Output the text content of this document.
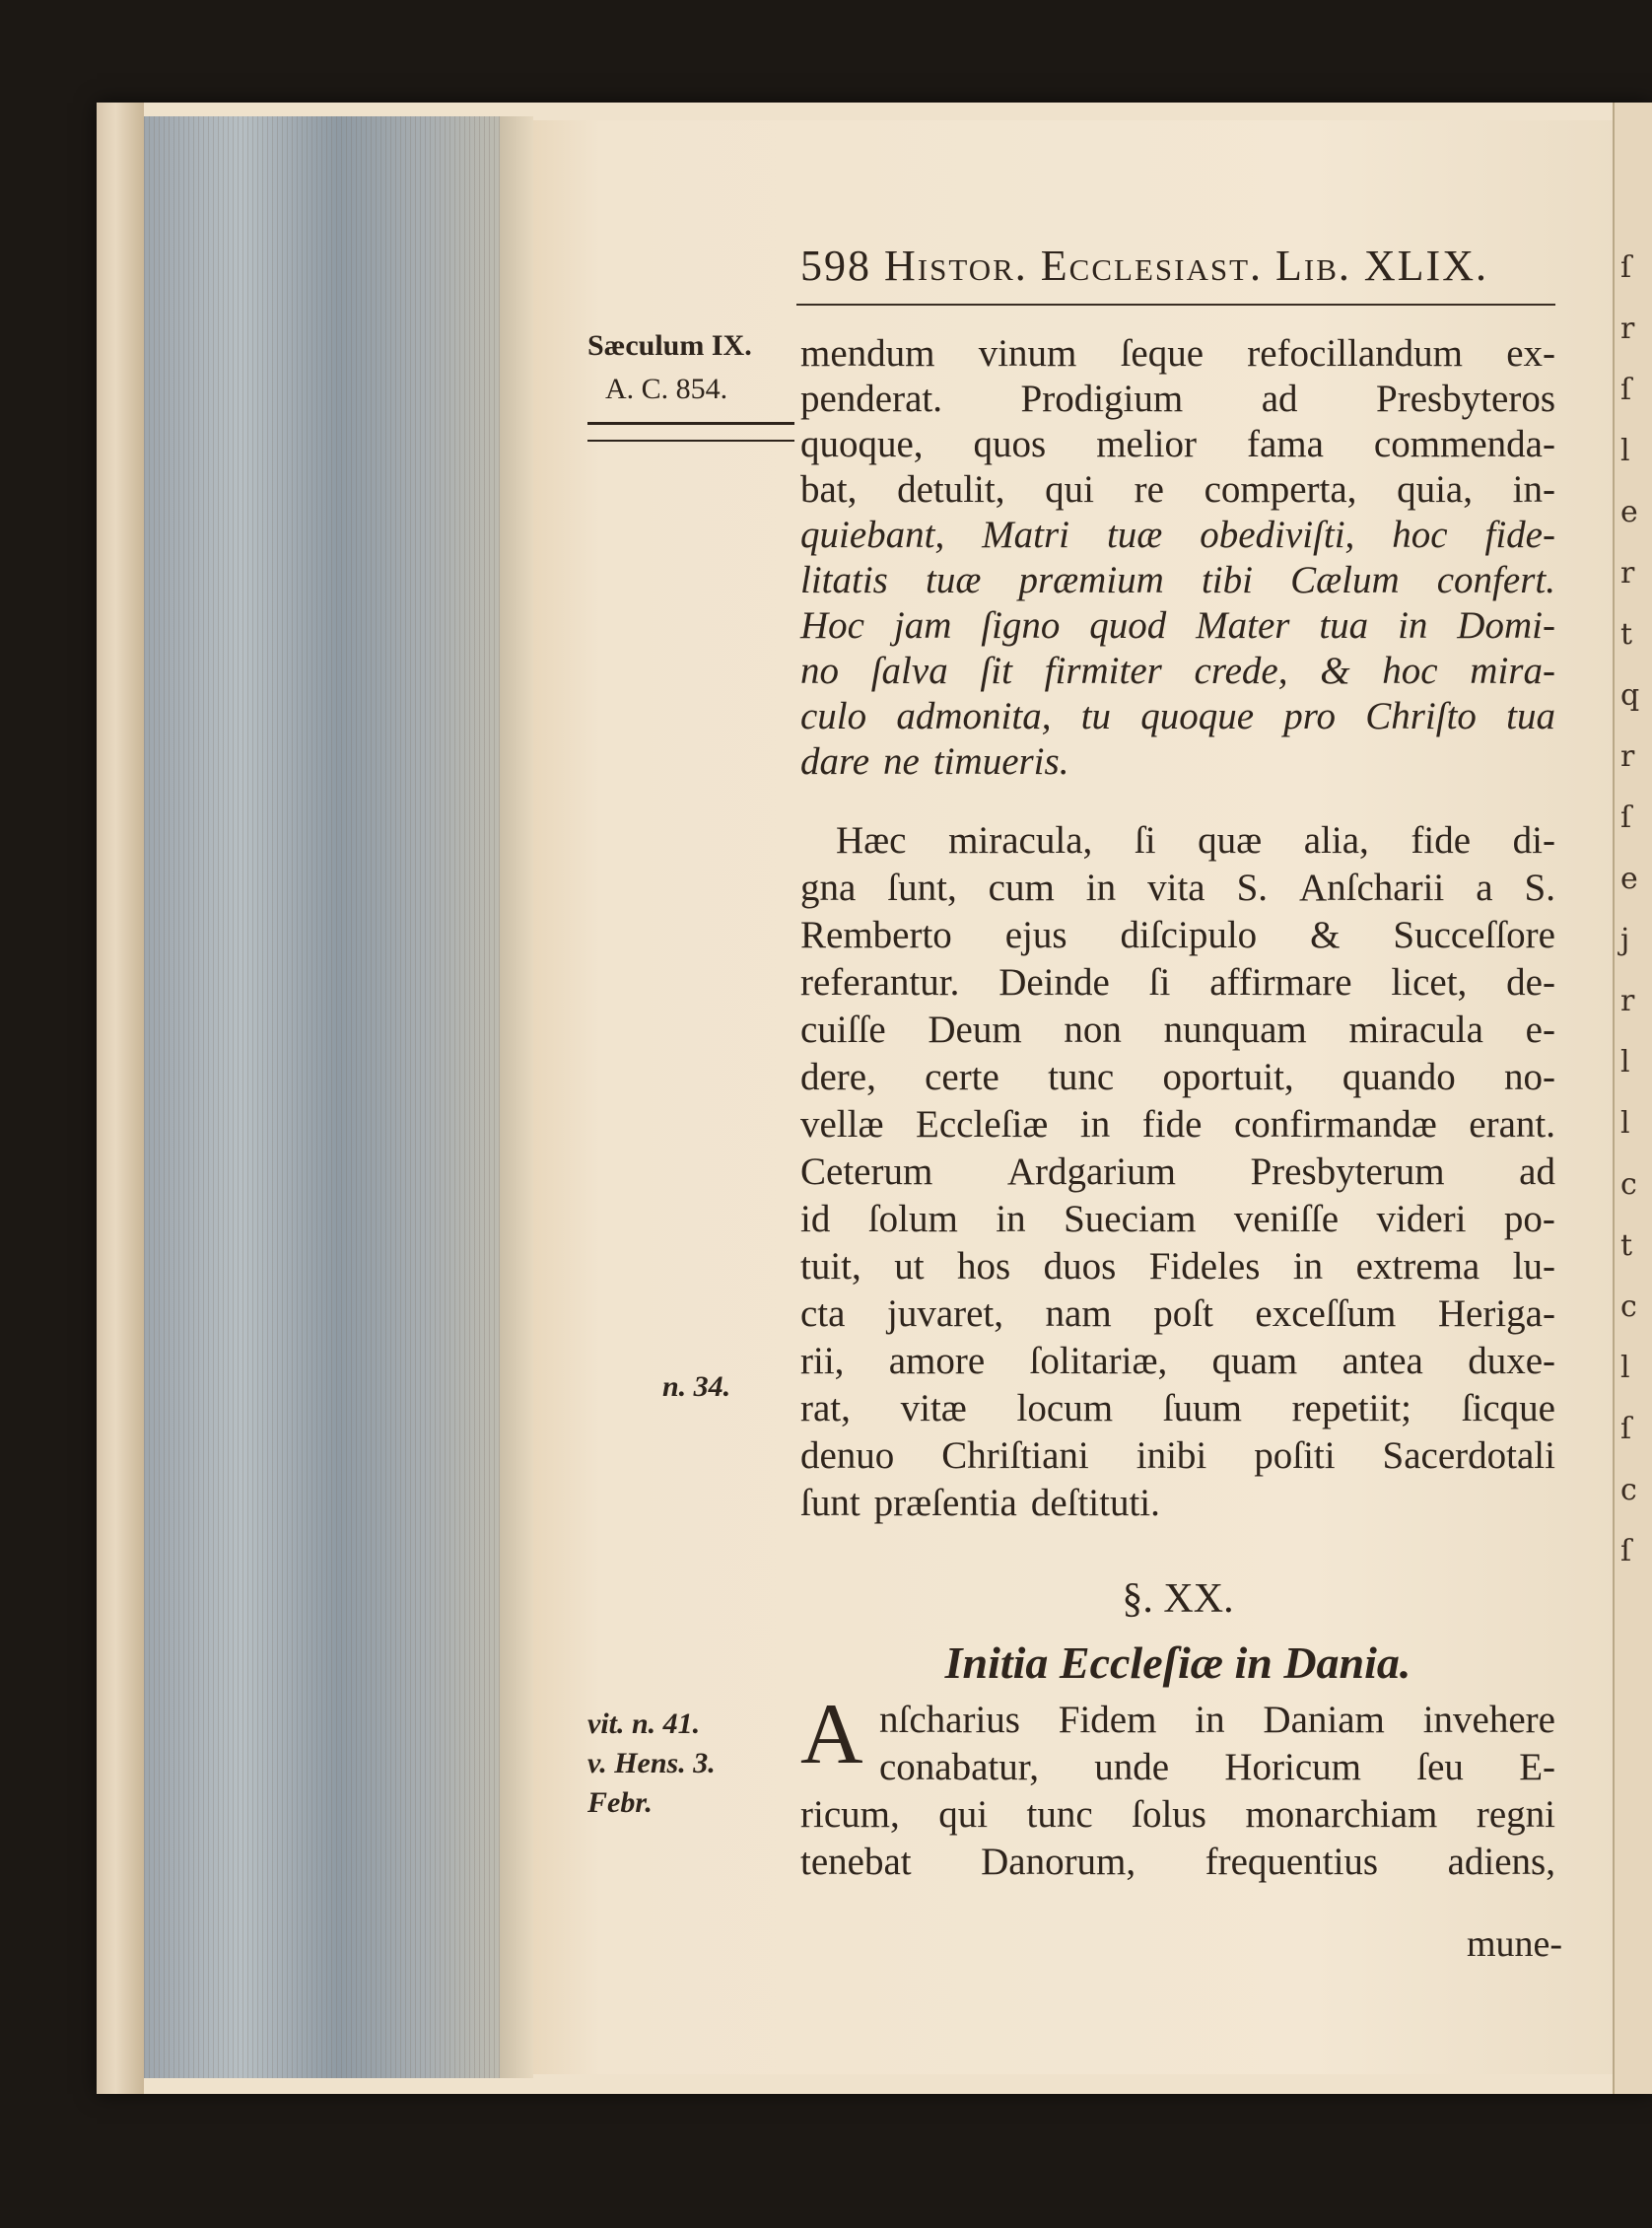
ſ
r
ſ
l
e
r
t
q
r
ſ
e
j
r
l
l
c
t
c
l
ſ
c
ſ
598 Histor. Ecclesiast. Lib. XLIX.
Sæculum IX.
A. C. 854.
n. 34.
vit. n. 41.
v. Hens. 3.
Febr.
mendum vinum ſeque refocillandum ex-
penderat. Prodigium ad Presbyteros
quoque, quos melior fama commenda-
bat, detulit, qui re comperta, quia, in-
quiebant, Matri tuæ obediviſti, hoc fide-
litatis tuæ præmium tibi Cælum confert.
Hoc jam ſigno quod Mater tua in Domi-
no ſalva ſit firmiter crede, & hoc mira-
culo admonita, tu quoque pro Chriſto tua
dare ne timueris.
Hæc miracula, ſi quæ alia, fide di-
gna ſunt, cum in vita S. Anſcharii a S.
Remberto ejus diſcipulo & Succeſſore
referantur. Deinde ſi affirmare licet, de-
cuiſſe Deum non nunquam miracula e-
dere, certe tunc oportuit, quando no-
vellæ Eccleſiæ in fide confirmandæ erant.
Ceterum Ardgarium Presbyterum ad
id ſolum in Sueciam veniſſe videri po-
tuit, ut hos duos Fideles in extrema lu-
cta juvaret, nam poſt exceſſum Heriga-
rii, amore ſolitariæ, quam antea duxe-
rat, vitæ locum ſuum repetiit; ſicque
denuo Chriſtiani inibi poſiti Sacerdotali
ſunt præſentia deſtituti.
§. XX.
Initia Eccleſiæ in Dania.
A nſcharius Fidem in Daniam invehere
conabatur, unde Horicum ſeu E-
ricum, qui tunc ſolus monarchiam regni
tenebat Danorum, frequentius adiens,
mune-
